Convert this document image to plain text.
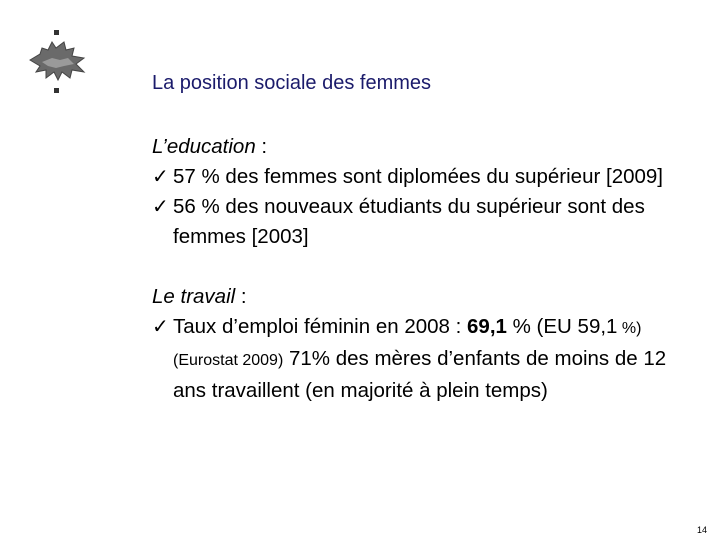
La position sociale des femmes
L’education :
✓ 57 % des femmes sont diplomées du supérieur [2009]
✓ 56 % des nouveaux étudiants du supérieur sont des femmes [2003]
Le travail :
✓ Taux d’emploi féminin en 2008 : 69,1 % (EU 59,1 %) (Eurostat 2009) 71% des mères d’enfants de moins de 12 ans travaillent (en majorité à plein temps)
14
